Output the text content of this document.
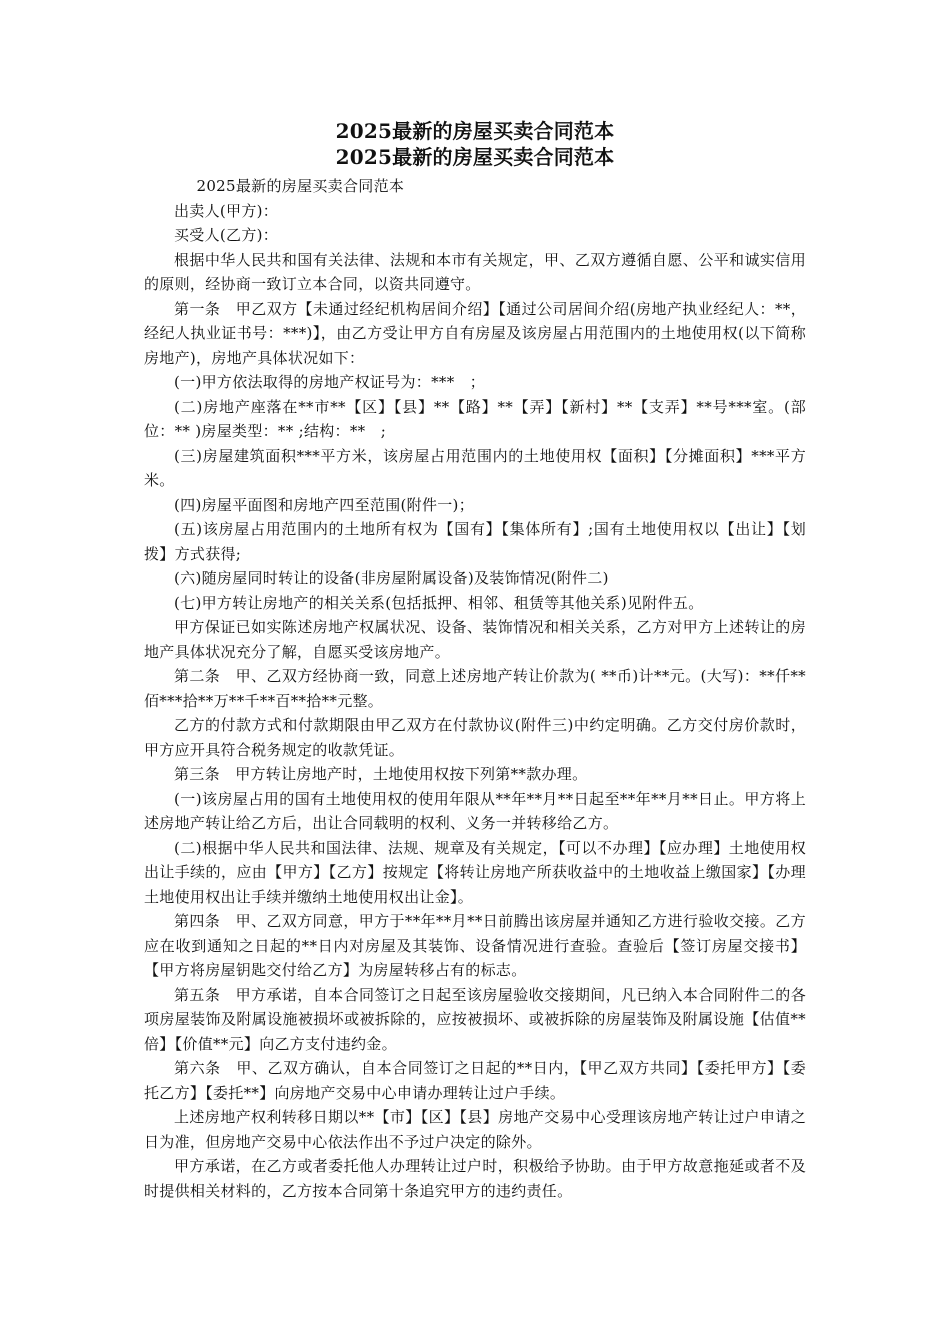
2025最新的房屋买卖合同范本
2025最新的房屋买卖合同范本

2025最新的房屋买卖合同范本

出卖人(甲方)：

买受人(乙方)：

根据中华人民共和国有关法律、法规和本市有关规定，甲、乙双方遵循自愿、公平和诚实信用的原则，经协商一致订立本合同，以资共同遵守。

第一条　甲乙双方【未通过经纪机构居间介绍】【通过公司居间介绍(房地产执业经纪人：**，经纪人执业证书号：***)】，由乙方受让甲方自有房屋及该房屋占用范围内的土地使用权(以下简称房地产)，房地产具体状况如下：

(一)甲方依法取得的房地产权证号为：***　；

(二)房地产座落在**市**【区】【县】**【路】**【弄】【新村】**【支弄】**号***室。(部位：** )房屋类型：** ;结构：**　;

(三)房屋建筑面积***平方米，该房屋占用范围内的土地使用权【面积】【分摊面积】***平方米。

(四)房屋平面图和房地产四至范围(附件一)；

(五)该房屋占用范围内的土地所有权为【国有】【集体所有】;国有土地使用权以【出让】【划拨】方式获得;

(六)随房屋同时转让的设备(非房屋附属设备)及装饰情况(附件二)

(七)甲方转让房地产的相关关系(包括抵押、相邻、租赁等其他关系)见附件五。

甲方保证已如实陈述房地产权属状况、设备、装饰情况和相关关系，乙方对甲方上述转让的房地产具体状况充分了解，自愿买受该房地产。

第二条　甲、乙双方经协商一致，同意上述房地产转让价款为( **币)计**元。(大写)：**仟**佰***拾**万**千**百**拾**元整。

乙方的付款方式和付款期限由甲乙双方在付款协议(附件三)中约定明确。乙方交付房价款时，甲方应开具符合税务规定的收款凭证。

第三条　甲方转让房地产时，土地使用权按下列第**款办理。

(一)该房屋占用的国有土地使用权的使用年限从**年**月**日起至**年**月**日止。甲方将上述房地产转让给乙方后，出让合同载明的权利、义务一并转移给乙方。

(二)根据中华人民共和国法律、法规、规章及有关规定，【可以不办理】【应办理】土地使用权出让手续的，应由【甲方】【乙方】按规定【将转让房地产所获收益中的土地收益上缴国家】【办理土地使用权出让手续并缴纳土地使用权出让金】。

第四条　甲、乙双方同意，甲方于**年**月**日前腾出该房屋并通知乙方进行验收交接。乙方应在收到通知之日起的**日内对房屋及其装饰、设备情况进行查验。查验后【签订房屋交接书】【甲方将房屋钥匙交付给乙方】为房屋转移占有的标志。

第五条　甲方承诺，自本合同签订之日起至该房屋验收交接期间，凡已纳入本合同附件二的各项房屋装饰及附属设施被损坏或被拆除的，应按被损坏、或被拆除的房屋装饰及附属设施【估值**倍】【价值**元】向乙方支付违约金。

第六条　甲、乙双方确认，自本合同签订之日起的**日内，【甲乙双方共同】【委托甲方】【委托乙方】【委托**】向房地产交易中心申请办理转让过户手续。

上述房地产权利转移日期以**【市】【区】【县】房地产交易中心受理该房地产转让过户申请之日为准，但房地产交易中心依法作出不予过户决定的除外。

甲方承诺，在乙方或者委托他人办理转让过户时，积极给予协助。由于甲方故意拖延或者不及时提供相关材料的，乙方按本合同第十条追究甲方的违约责任。
